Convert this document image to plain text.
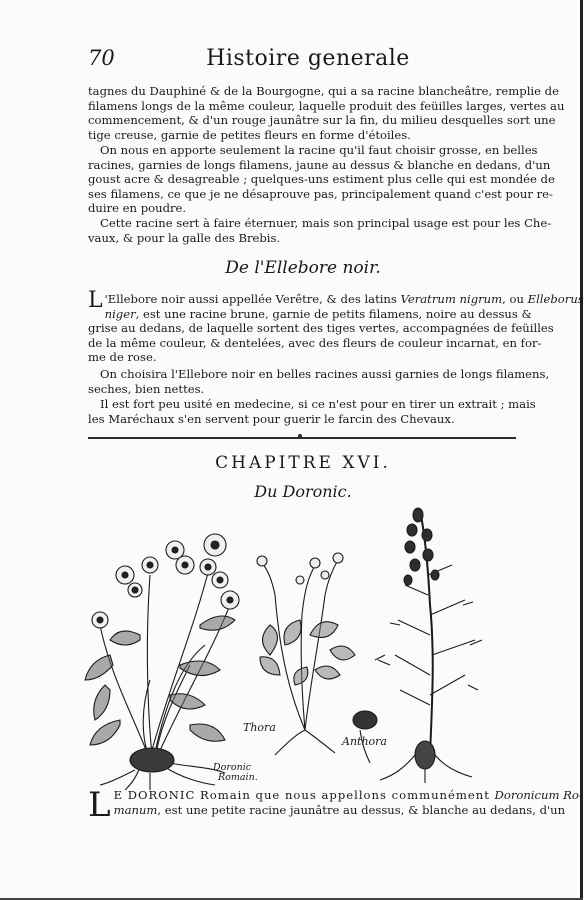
70	Histoire generale
tagnes du Dauphiné & de la Bourgogne, qui a sa racine blancheâtre, remplie de
filamens longs de la même couleur, laquelle produit des feüilles larges, vertes au
commencement, & d'un rouge jaunâtre sur la fin, du milieu desquelles sort une
tige creuse, garnie de petites fleurs en forme d'étoiles.
On nous en apporte seulement la racine qu'il faut choisir grosse, en belles
racines, garnies de longs filamens, jaune au dessus & blanche en dedans, d'un
goust acre & desagreable ; quelques-uns estiment plus celle qui est mondée de
ses filamens, ce que je ne désaprouve pas, principalement quand c'est pour re-
duire en poudre.
Cette racine sert à faire éternuer, mais son principal usage est pour les Che-
vaux, & pour la galle des Brebis.
De l'Ellebore noir.
L 'Ellebore noir aussi appellée Verêtre, & des latins Veratrum nigrum, ou Elleborus
niger, est une racine brune, garnie de petits filamens, noire au dessus &
grise au dedans, de laquelle sortent des tiges vertes, accompagnées de feüilles
de la même couleur, & dentelées, avec des fleurs de couleur incarnat, en for-
me de rose.
On choisira l'Ellebore noir en belles racines aussi garnies de longs filamens,
seches, bien nettes.
Il est fort peu usité en medecine, si ce n'est pour en tirer un extrait ; mais
les Maréchaux s'en servent pour guerir le farcin des Chevaux.
CHAPITRE XVI.
Du Doronic.
Doronic
Romain.
Thora
Anthora
L E DORONIC Romain que nous appellons communément Doronicum Ro-
manum, est une petite racine jaunâtre au dessus, & blanche au dedans, d'un
